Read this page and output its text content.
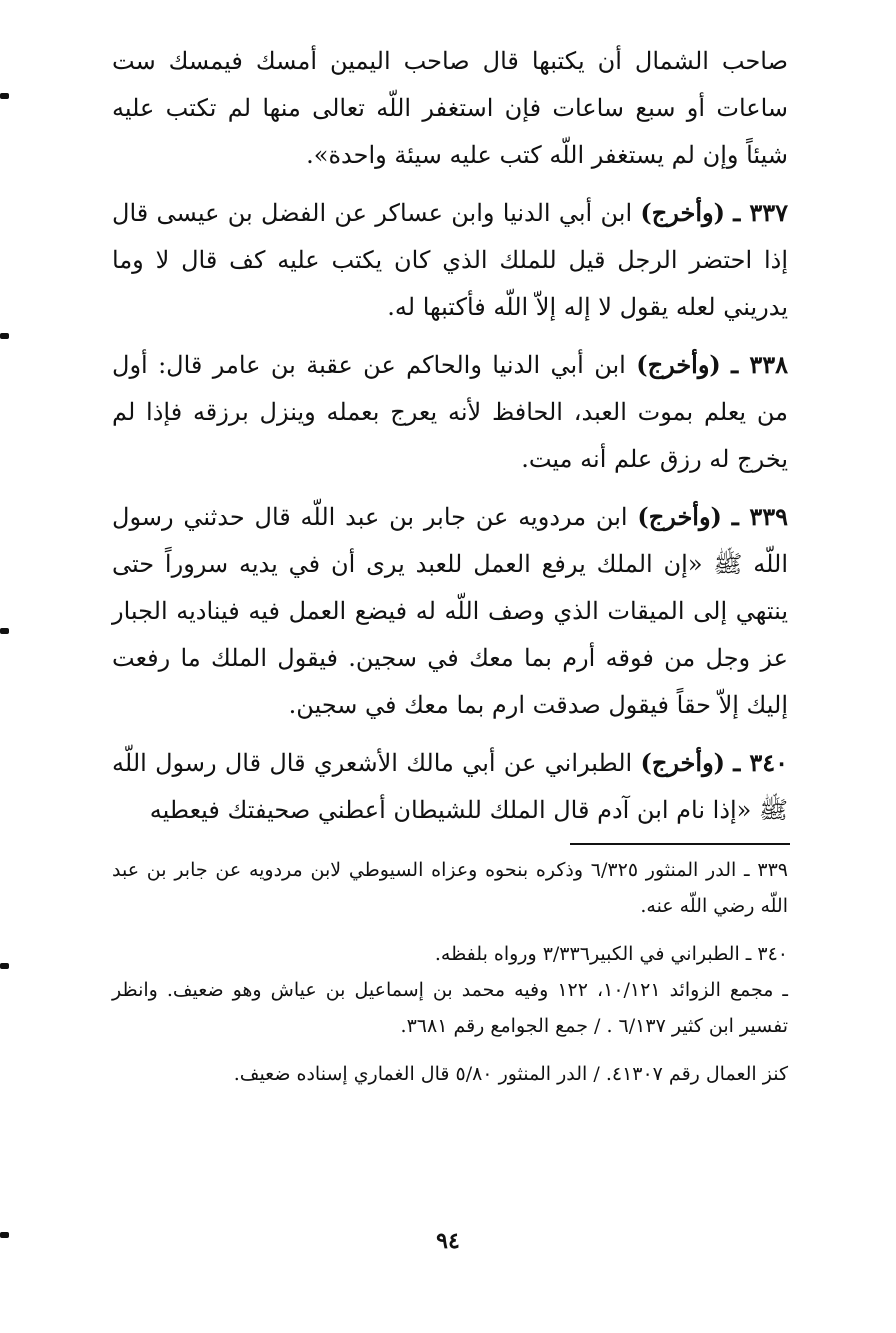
صاحب الشمال أن يكتبها قال صاحب اليمين أمسك فيمسك ست ساعات أو سبع ساعات فإن استغفر اللّه تعالى منها لم تكتب عليه شيئاً وإن لم يستغفر اللّه كتب عليه سيئة واحدة».

٣٣٧ ـ (وأخرج) ابن أبي الدنيا وابن عساكر عن الفضل بن عيسى قال إذا احتضر الرجل قيل للملك الذي كان يكتب عليه كف قال لا وما يدريني لعله يقول لا إله إلاّ اللّه فأكتبها له.

٣٣٨ ـ (وأخرج) ابن أبي الدنيا والحاكم عن عقبة بن عامر قال: أول من يعلم بموت العبد، الحافظ لأنه يعرج بعمله وينزل برزقه فإذا لم يخرج له رزق علم أنه ميت.

٣٣٩ ـ (وأخرج) ابن مردويه عن جابر بن عبد اللّه قال حدثني رسول اللّه ﷺ «إن الملك يرفع العمل للعبد يرى أن في يديه سروراً حتى ينتهي إلى الميقات الذي وصف اللّه له فيضع العمل فيه فيناديه الجبار عز وجل من فوقه أرم بما معك في سجين. فيقول الملك ما رفعت إليك إلاّ حقاً فيقول صدقت ارم بما معك في سجين.

٣٤٠ ـ (وأخرج) الطبراني عن أبي مالك الأشعري قال قال رسول اللّه ﷺ «إذا نام ابن آدم قال الملك للشيطان أعطني صحيفتك فيعطيه

٣٣٩ ـ الدر المنثور ٦/٣٢٥ وذكره بنحوه وعزاه السيوطي لابن مردويه عن جابر بن عبد اللّه رضي اللّه عنه.

٣٤٠ ـ الطبراني في الكبير٣/٣٣٦ ورواه بلفظه.

ـ مجمع الزوائد ١٠/١٢١، ١٢٢ وفيه محمد بن إسماعيل بن عياش وهو ضعيف. وانظر تفسير ابن كثير ٦/١٣٧ . / جمع الجوامع رقم ٣٦٨١.

كنز العمال رقم ٤١٣٠٧. / الدر المنثور ٥/٨٠ قال الغماري إسناده ضعيف.

٩٤
